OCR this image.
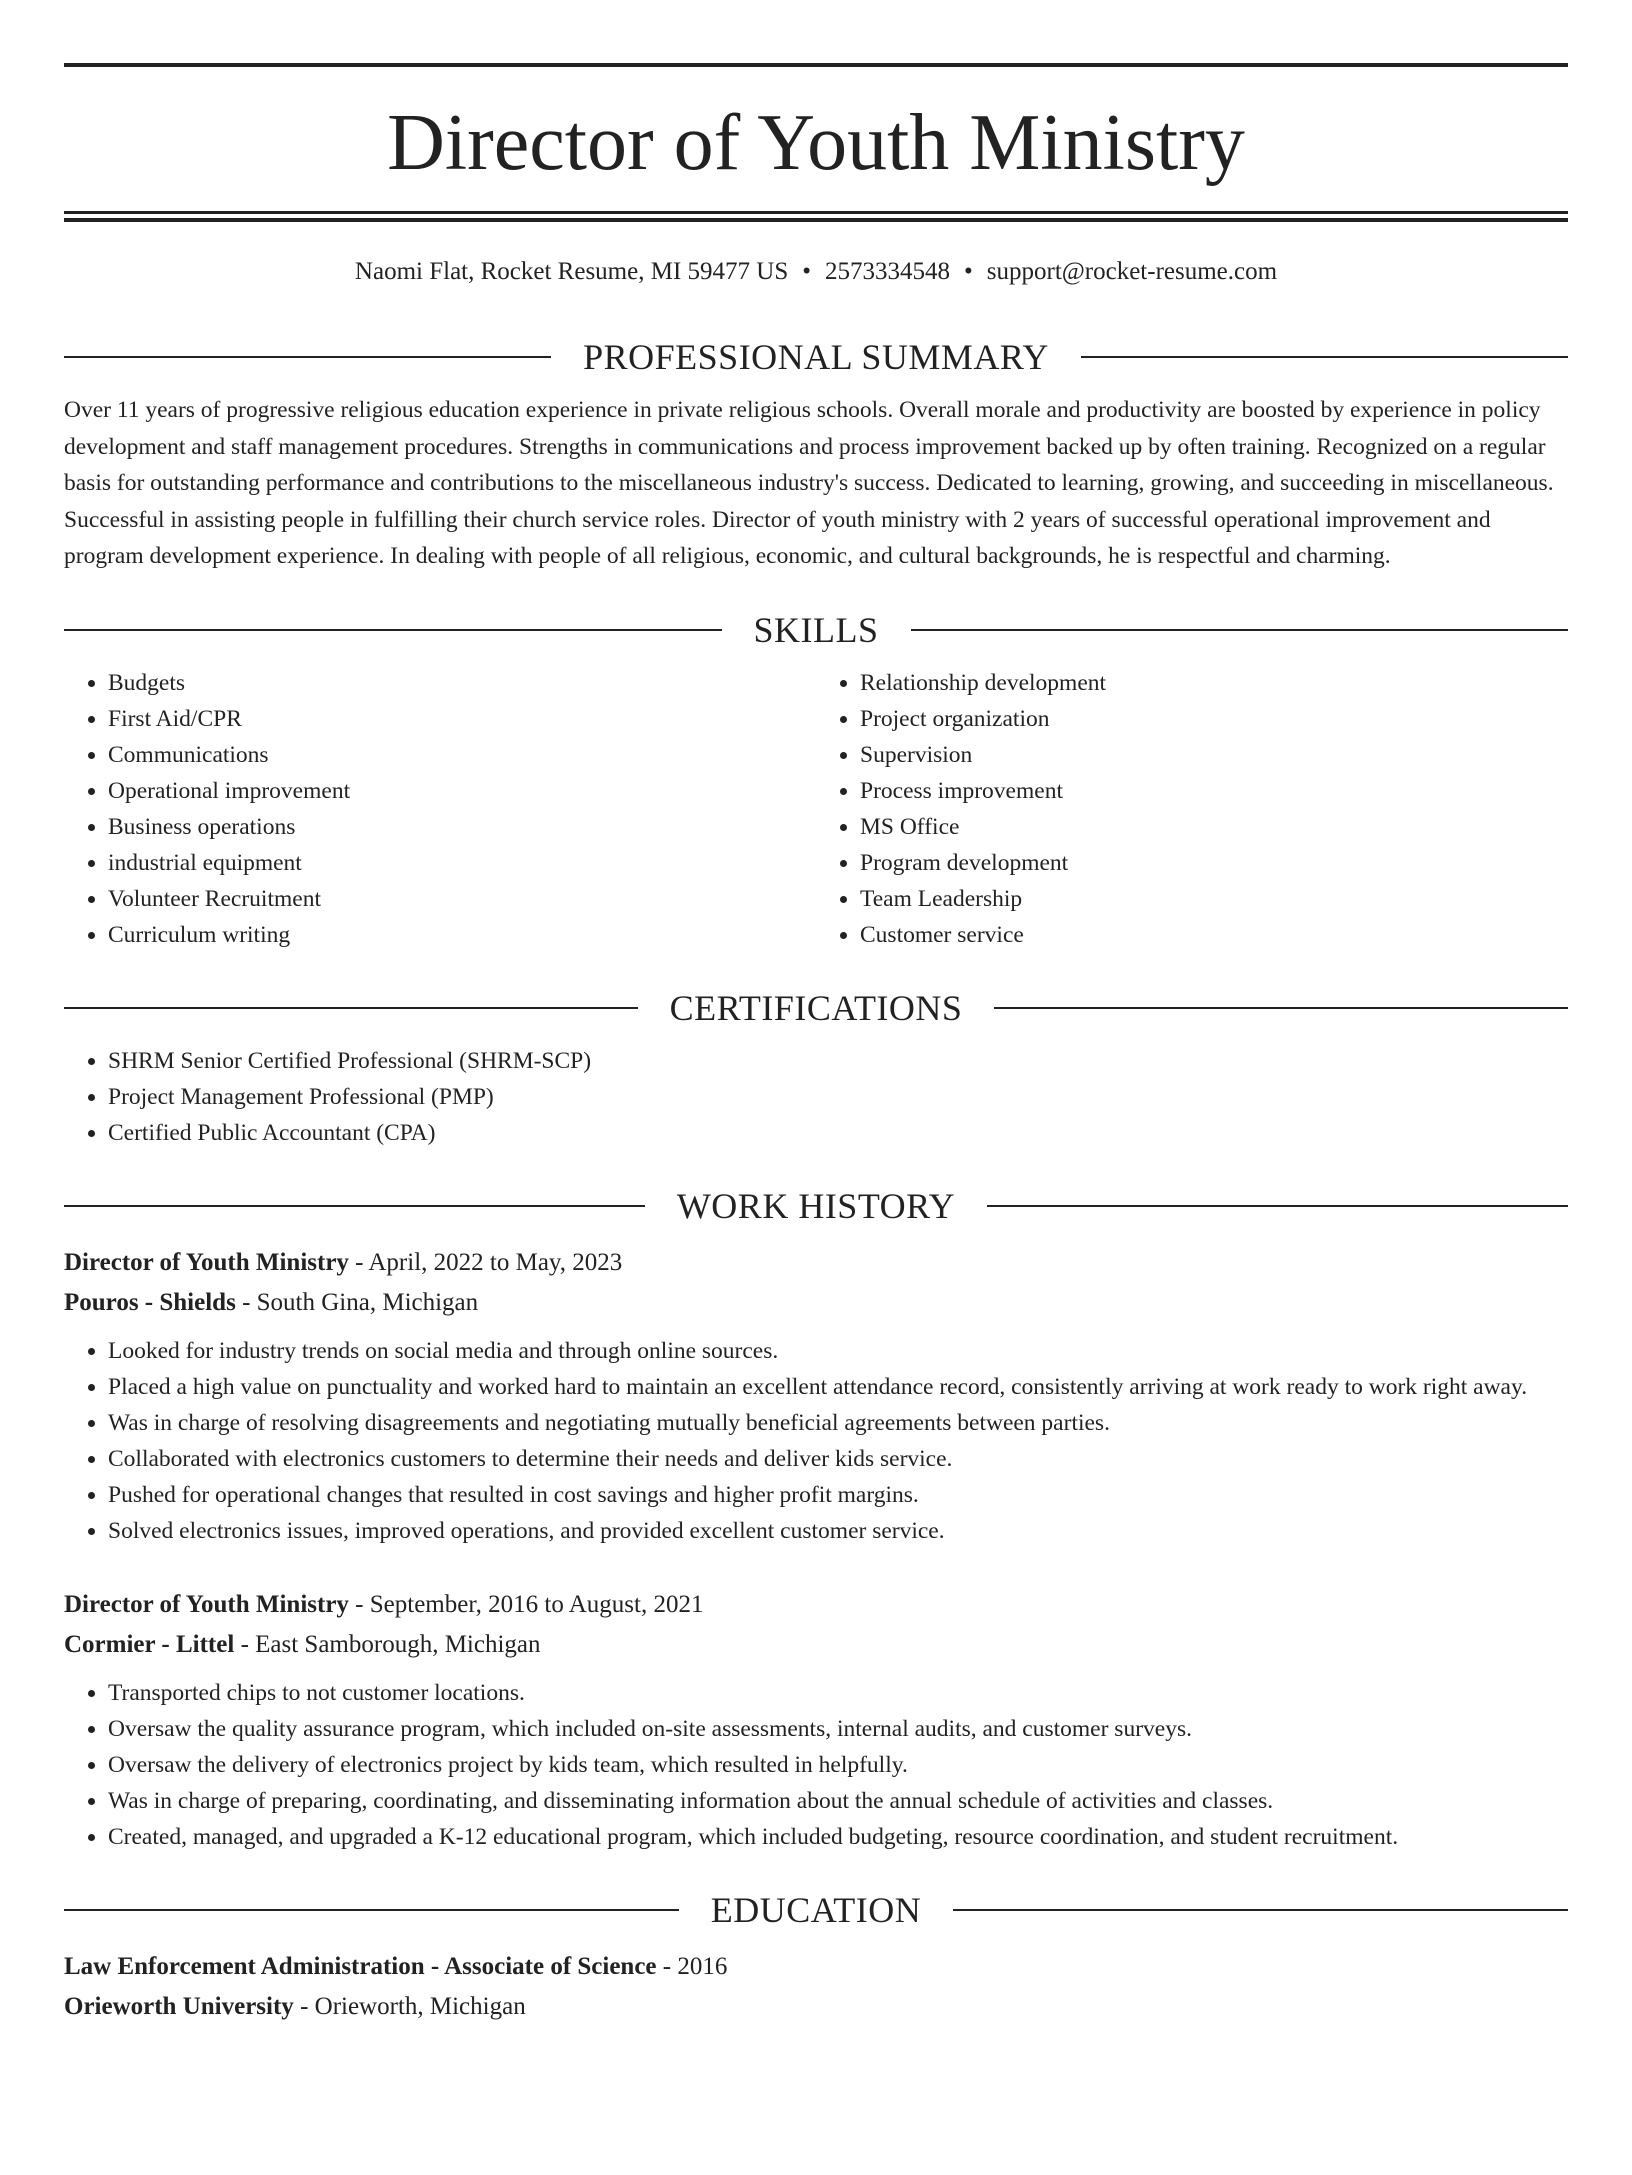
Director of Youth Ministry
Naomi Flat, Rocket Resume, MI 59477 US • 2573334548 • support@rocket-resume.com
PROFESSIONAL SUMMARY

Over 11 years of progressive religious education experience in private religious schools. Overall morale and productivity are boosted by experience in policy development and staff management procedures. Strengths in communications and process improvement backed up by often training. Recognized on a regular basis for outstanding performance and contributions to the miscellaneous industry's success. Dedicated to learning, growing, and succeeding in miscellaneous. Successful in assisting people in fulfilling their church service roles. Director of youth ministry with 2 years of successful operational improvement and program development experience. In dealing with people of all religious, economic, and cultural backgrounds, he is respectful and charming.

SKILLS
• Budgets
• First Aid/CPR
• Communications
• Operational improvement
• Business operations
• industrial equipment
• Volunteer Recruitment
• Curriculum writing
• Relationship development
• Project organization
• Supervision
• Process improvement
• MS Office
• Program development
• Team Leadership
• Customer service
CERTIFICATIONS
• SHRM Senior Certified Professional (SHRM-SCP)
• Project Management Professional (PMP)
• Certified Public Accountant (CPA)
WORK HISTORY
Director of Youth Ministry - April, 2022 to May, 2023
Pouros - Shields - South Gina, Michigan
• Looked for industry trends on social media and through online sources.
• Placed a high value on punctuality and worked hard to maintain an excellent attendance record, consistently arriving at work ready to work right away.
• Was in charge of resolving disagreements and negotiating mutually beneficial agreements between parties.
• Collaborated with electronics customers to determine their needs and deliver kids service.
• Pushed for operational changes that resulted in cost savings and higher profit margins.
• Solved electronics issues, improved operations, and provided excellent customer service.
Director of Youth Ministry - September, 2016 to August, 2021
Cormier - Littel - East Samborough, Michigan
• Transported chips to not customer locations.
• Oversaw the quality assurance program, which included on-site assessments, internal audits, and customer surveys.
• Oversaw the delivery of electronics project by kids team, which resulted in helpfully.
• Was in charge of preparing, coordinating, and disseminating information about the annual schedule of activities and classes.
• Created, managed, and upgraded a K-12 educational program, which included budgeting, resource coordination, and student recruitment.
EDUCATION
Law Enforcement Administration - Associate of Science - 2016
Orieworth University - Orieworth, Michigan
